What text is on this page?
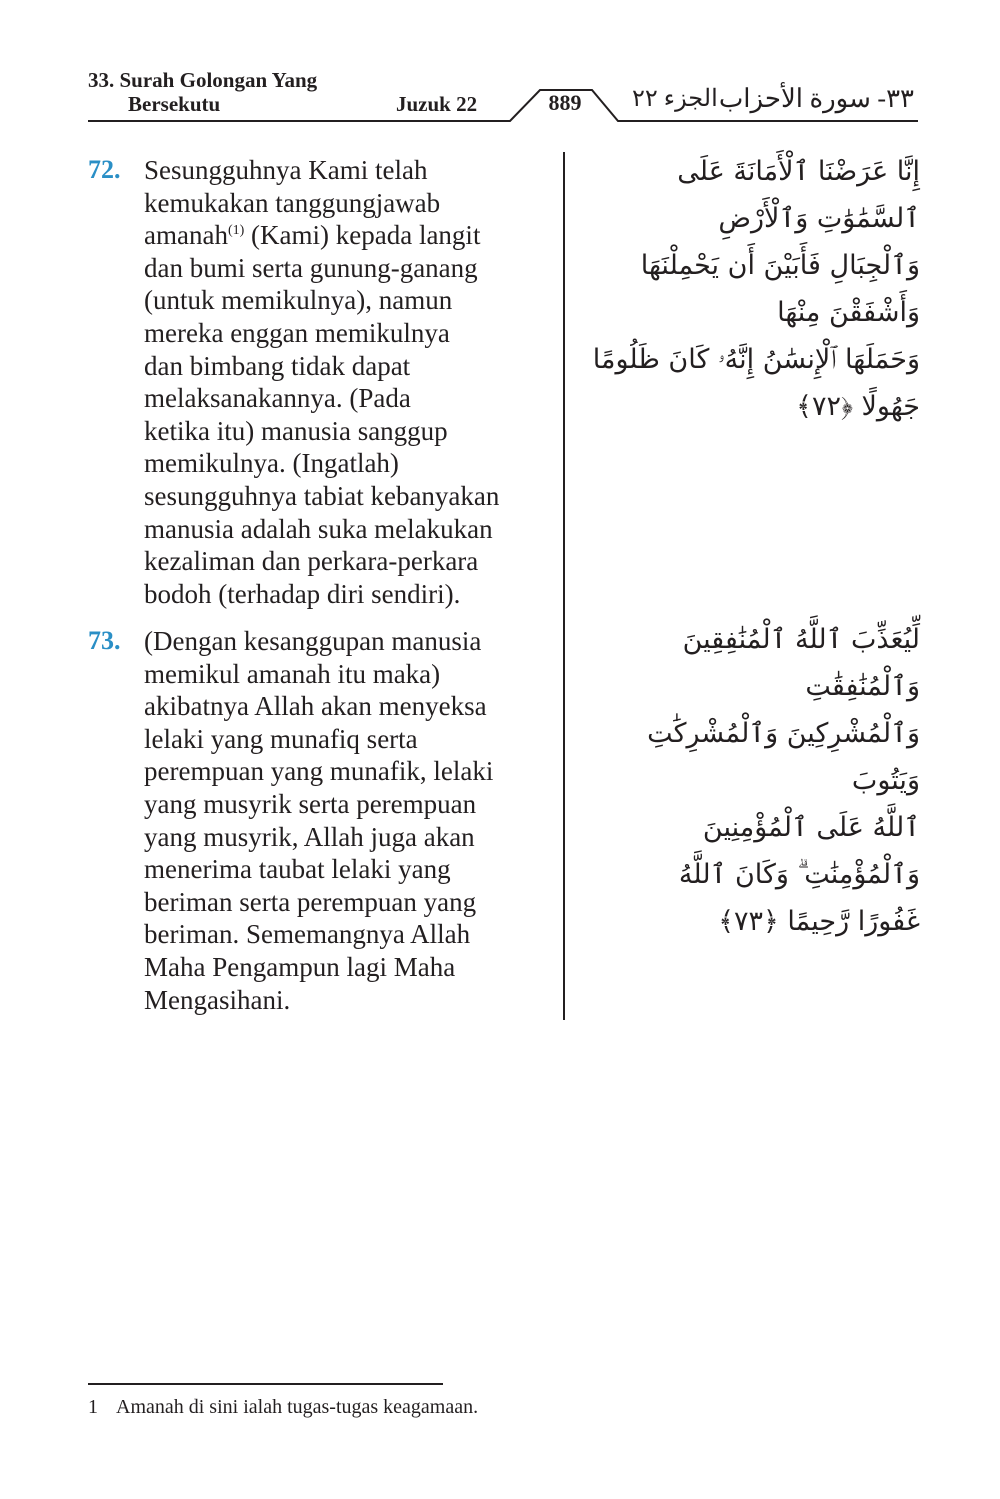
33. Surah Golongan Yang
Bersekutu	Juzuk 22	889	الجزء ٢٢ ٣٣- سورة الأحزاب
72. Sesungguhnya Kami telah
kemukakan tanggungjawab
amanah$^{(1)}$ (Kami) kepada langit
dan bumi serta gunung-ganang
(untuk memikulnya), namun
mereka enggan memikulnya
dan bimbang tidak dapat
melaksanakannya. (Pada
ketika itu) manusia sanggup
memikulnya. (Ingatlah)
sesungguhnya tabiat kebanyakan
manusia adalah suka melakukan
kezaliman dan perkara-perkara
bodoh (terhadap diri sendiri).
إِنَّا عَرَضْنَا ٱلْأَمَانَةَ عَلَى ٱلسَّمَٰوَٰتِ وَٱلْأَرْضِ
وَٱلْجِبَالِ فَأَبَيْنَ أَن يَحْمِلْنَهَا وَأَشْفَقْنَ مِنْهَا
وَحَمَلَهَا ٱلْإِنسَٰنُ إِنَّهُۥ كَانَ ظَلُومًا جَهُولًا ﴿٧٢﴾
73. (Dengan kesanggupan manusia
memikul amanah itu maka)
akibatnya Allah akan menyeksa
lelaki yang munafiq serta
perempuan yang munafik, lelaki
yang musyrik serta perempuan
yang musyrik, Allah juga akan
menerima taubat lelaki yang
beriman serta perempuan yang
beriman. Sememangnya Allah
Maha Pengampun lagi Maha
Mengasihani.
لِّيُعَذِّبَ ٱللَّهُ ٱلْمُنَٰفِقِينَ وَٱلْمُنَٰفِقَٰتِ
وَٱلْمُشْرِكِينَ وَٱلْمُشْرِكَٰتِ وَيَتُوبَ
ٱللَّهُ عَلَى ٱلْمُؤْمِنِينَ وَٱلْمُؤْمِنَٰتِ ۗ وَكَانَ ٱللَّهُ
غَفُورًا رَّحِيمًا ﴿٧٣﴾
1 Amanah di sini ialah tugas-tugas keagamaan.
